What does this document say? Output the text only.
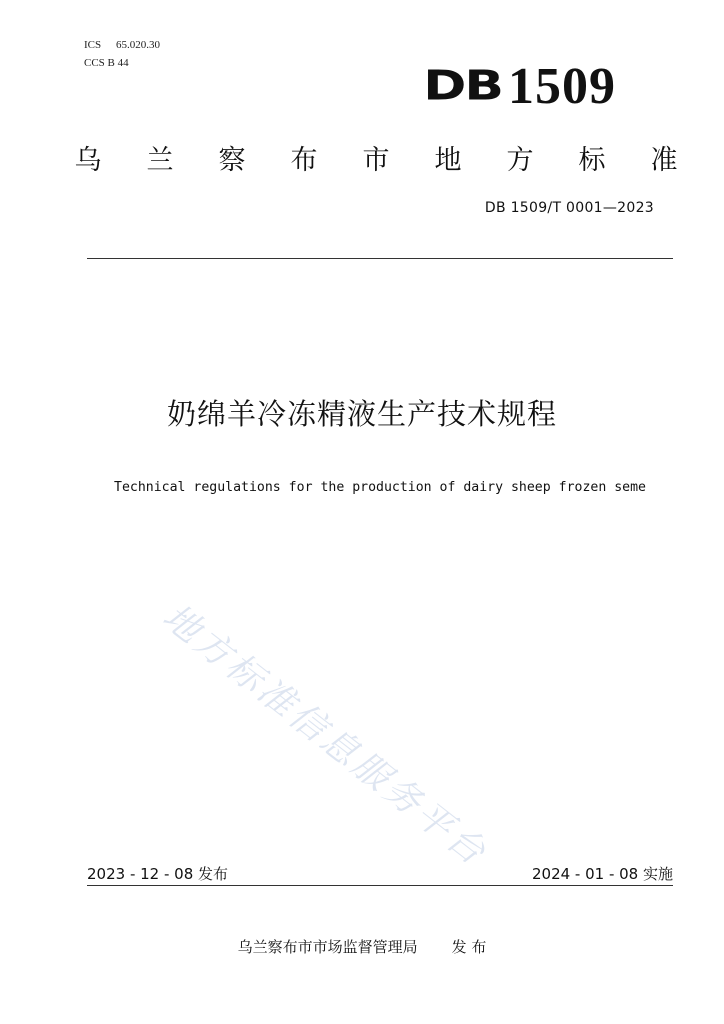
ICS 65.020.30
CCS B 44	DB 1509
乌 兰 察 布 市 地 方 标 准
DB 1509/T 0001—2023
奶绵羊冷冻精液生产技术规程
Technical regulations for the production of dairy sheep frozen seme
地方标准信息服务平台
2023 - 12 - 08 发布	2024 - 01 - 08 实施
乌兰察布市市场监督管理局 发 布
